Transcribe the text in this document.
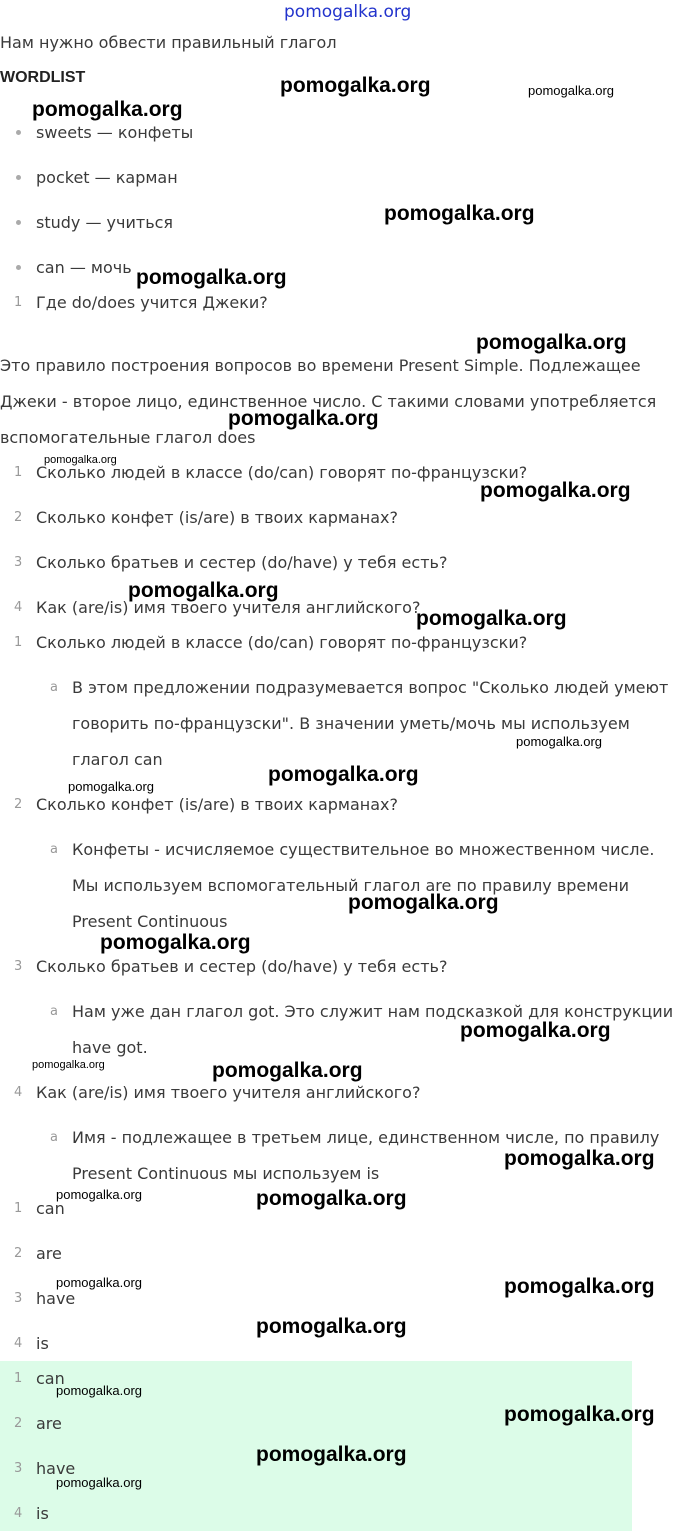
pomogalka.org
Нам нужно обвести правильный глагол
WORDLIST
sweets — конфеты
pocket — карман
study — учиться
can — мочь
1 Где do/does учится Джеки?
Это правило построения вопросов во времени Present Simple. Подлежащее Джеки - второе лицо, единственное число. С такими словами употребляется вспомогательные глагол does
1 Сколько людей в классе (do/can) говорят по-французски?
2 Сколько конфет (is/are) в твоих карманах?
3 Сколько братьев и сестер (do/have) у тебя есть?
4 Как (are/is) имя твоего учителя английского?
1 Сколько людей в классе (do/can) говорят по-французски?
a В этом предложении подразумевается вопрос "Сколько людей умеют говорить по-французски". В значении уметь/мочь мы используем глагол can
2 Сколько конфет (is/are) в твоих карманах?
a Конфеты - исчисляемое существительное во множественном числе. Мы используем вспомогательный глагол are по правилу времени Present Continuous
3 Сколько братьев и сестер (do/have) у тебя есть?
a Нам уже дан глагол got. Это служит нам подсказкой для конструкции have got.
4 Как (are/is) имя твоего учителя английского?
a Имя - подлежащее в третьем лице, единственном числе, по правилу Present Continuous мы используем is
1 can
2 are
3 have
4 is
1 can
2 are
3 have
4 is
pomogalka.org	pomogalka.org
pomogalka.org
pomogalka.org
pomogalka.org
pomogalka.org
pomogalka.org
pomogalka.org
pomogalka.org
pomogalka.org
pomogalka.org
pomogalka.org
pomogalka.org
pomogalka.org
pomogalka.org
pomogalka.org
pomogalka.org
pomogalka.org	pomogalka.org
pomogalka.org
pomogalka.org	pomogalka.org
pomogalka.org	pomogalka.org
pomogalka.org
pomogalka.org
pomogalka.org
pomogalka.org
pomogalka.org
